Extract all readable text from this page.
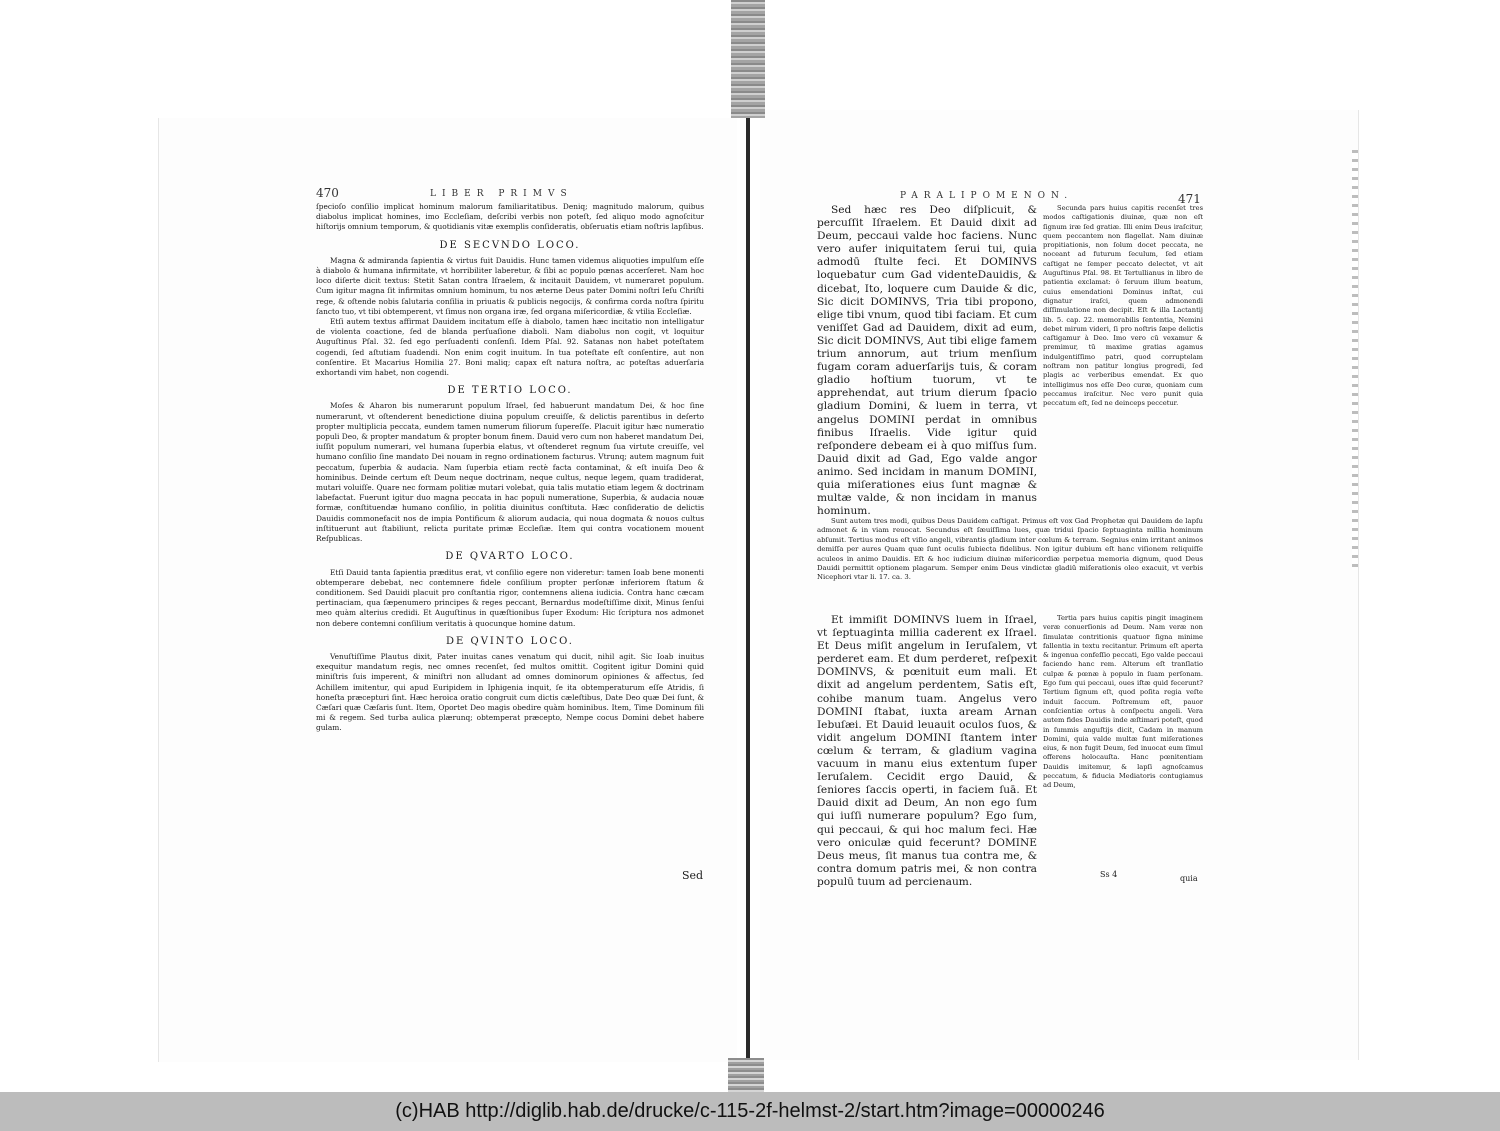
470	LIBER PRIMVS

ſpecioſo conſilio implicat hominum malorum familiaritatibus. Deniq; magnitudo malorum, quibus diabolus implicat homines, imo Eccleſiam, deſcribi verbis non poteſt, ſed aliquo modo agnoſcitur hiſtorijs omnium temporum, & quotidianis vitæ exemplis conſideratis, obſeruatis etiam noſtris lapſibus.

DE SECVNDO LOCO.

Magna & admiranda ſapientia & virtus fuit Dauidis. Hunc tamen videmus aliquoties impulſum eſſe à diabolo & humana infirmitate, vt horribiliter laberetur, & ſibi ac populo pœnas accerſeret. Nam hoc loco diſerte dicit textus: Stetit Satan contra Iſraelem, & incitauit Dauidem, vt numeraret populum. Cum igitur magna ſit infirmitas omnium hominum, tu nos æterne Deus pater Domini noſtri Ieſu Chriſti rege, & oſtende nobis ſalutaria conſilia in priuatis & publicis negocijs, & confirma corda noſtra ſpiritu ſancto tuo, vt tibi obtemperent, vt ſimus non organa iræ, ſed organa miſericordiæ, & vtilia Eccleſiæ.

Etſi autem textus affirmat Dauidem incitatum eſſe à diabolo, tamen hæc incitatio non intelligatur de violenta coactione, ſed de blanda perſuaſione diaboli. Nam diabolus non cogit, vt loquitur Auguſtinus Pſal. 32. ſed ego perſuadenti conſenſi. Idem Pſal. 92. Satanas non habet poteſtatem cogendi, ſed aſtutiam ſuadendi. Non enim cogit inuitum. In tua poteſtate eſt conſentire, aut non conſentire. Et Macarius Homilia 27. Boni maliq; capax eſt natura noſtra, ac poteſtas aduerſaria exhortandi vim habet, non cogendi.

DE TERTIO LOCO.

Moſes & Aharon bis numerarunt populum Iſrael, ſed habuerunt mandatum Dei, & hoc ſine numerarunt, vt oſtenderent benedictione diuina populum creuiſſe, & delictis parentibus in deſerto propter multiplicia peccata, eundem tamen numerum filiorum ſupereſſe. Placuit igitur hæc numeratio populi Deo, & propter mandatum & propter bonum finem. Dauid vero cum non haberet mandatum Dei, iuſſit populum numerari, vel humana ſuperbia elatus, vt oſtenderet regnum ſua virtute creuiſſe, vel humano conſilio ſine mandato Dei nouam in regno ordinationem facturus. Vtrunq; autem magnum fuit peccatum, ſuperbia & audacia. Nam ſuperbia etiam rectè facta contaminat, & eſt inuiſa Deo & hominibus. Deinde certum eſt Deum neque doctrinam, neque cultus, neque legem, quam tradiderat, mutari voluiſſe. Quare nec formam politiæ mutari volebat, quia talis mutatio etiam legem & doctrinam labefactat. Fuerunt igitur duo magna peccata in hac populi numeratione, Superbia, & audacia nouæ formæ, conſtituendæ humano conſilio, in politia diuinitus conſtituta. Hæc conſideratio de delictis Dauidis commonefacit nos de impia Pontificum & aliorum audacia, qui noua dogmata & nouos cultus inſtituerunt aut ſtabiliunt, relicta puritate primæ Eccleſiæ. Item qui contra vocationem mouent Reſpublicas.

DE QVARTO LOCO.

Etſi Dauid tanta ſapientia præditus erat, vt conſilio egere non videretur: tamen Ioab bene monenti obtemperare debebat, nec contemnere fidele conſilium propter perſonæ inferiorem ſtatum & conditionem. Sed Dauidi placuit pro conſtantia rigor, contemnens aliena iudicia. Contra hanc cæcam pertinaciam, qua ſæpenumero principes & reges peccant, Bernardus modeſtiſſime dixit, Minus ſenſui meo quàm alterius credidi. Et Auguſtinus in quæſtionibus ſuper Exodum: Hic ſcriptura nos admonet non debere contemni conſilium veritatis à quocunque homine datum.

DE QVINTO LOCO.

Venuſtiſſime Plautus dixit, Pater inuitas canes venatum qui ducit, nihil agit. Sic Ioab inuitus exequitur mandatum regis, nec omnes recenſet, ſed multos omittit. Cogitent igitur Domini quid miniſtris ſuis imperent, & miniſtri non alludant ad omnes dominorum opiniones & affectus, ſed Achillem imitentur, qui apud Euripidem in Iphigenia inquit, ſe ita obtemperaturum eſſe Atridis, ſi honeſta præcepturi ſint. Hæc heroica oratio congruit cum dictis cæleſtibus, Date Deo quæ Dei ſunt, & Cæſari quæ Cæſaris ſunt. Item, Oportet Deo magis obedire quàm hominibus. Item, Time Dominum fili mi & regem. Sed turba aulica plærunq; obtemperat præcepto, Nempe cocus Domini debet habere gulam.

Sed
PARALIPOMENON.	471

Sed hæc res Deo diſplicuit, & percuſſit Iſraelem. Et Dauid dixit ad Deum, peccaui valde hoc faciens. Nunc vero aufer iniquitatem ſerui tui, quia admodū ſtulte feci. Et DOMINVS loquebatur cum Gad videnteDauidis, & dicebat, Ito, loquere cum Dauide & dic, Sic dicit DOMINVS, Tria tibi propono, elige tibi vnum, quod tibi faciam. Et cum veniſſet Gad ad Dauidem, dixit ad eum, Sic dicit DOMINVS, Aut tibi elige famem trium annorum, aut trium menſium fugam coram aduerſarijs tuis, & coram gladio hoſtium tuorum, vt te apprehendat, aut trium dierum ſpacio gladium Domini, & luem in terra, vt angelus DOMINI perdat in omnibus finibus Iſraelis. Vide igitur quid reſpondere debeam ei à quo miſſus ſum. Dauid dixit ad Gad, Ego valde angor animo. Sed incidam in manum DOMINI, quia miſerationes eius ſunt magnæ & multæ valde, & non incidam in manus hominum.

Secunda pars huius capitis recenſet tres modos caſtigationis diuinæ, quæ non eſt ſignum iræ ſed gratiæ. Illi enim Deus iraſcitur, quem peccantem non flagellat. Nam diuinæ propitiationis, non ſolum docet peccata, ne noceant ad futurum ſeculum, ſed etiam caſtigat ne ſemper peccato delectet, vt ait Auguſtinus Pſal. 98. Et Tertullianus in libro de patientia exclamat: ô ſeruum illum beatum, cuius emendationi Dominus inſtat, cui dignatur iraſci, quem admonendi diſſimulatione non decipit. Eſt & illa Lactantij lib. 5. cap. 22. memorabilis ſententia, Nemini debet mirum videri, ſi pro noſtris ſæpe delictis caſtigamur à Deo. Imo vero cū vexamur & premimur, tū maxime gratias agamus indulgentiſſimo patri, quod corruptelam noſtram non patitur longius progredi, ſed plagis ac verberibus emendat. Ex quo intelligimus nos eſſe Deo curæ, quoniam cum peccamus iraſcitur. Nec vero punit quia peccatum eſt, ſed ne deinceps peccetur.

Sunt autem tres modi, quibus Deus Dauidem caſtigat. Primus eſt vox Gad Prophetæ qui Dauidem de lapſu admonet & in viam reuocat. Secundus eſt ſæuiſſima lues, quæ tridui ſpacio ſeptuaginta millia hominum abſumit. Tertius modus eſt viſio angeli, vibrantis gladium inter cœlum & terram. Segnius enim irritant animos demiſſa per aures Quam quæ ſunt oculis ſubiecta fidelibus. Non igitur dubium eſt hanc viſionem reliquiſſe aculeos in animo Dauidis. Eſt & hoc iudicium diuinæ miſericordiæ perpetua memoria dignum, quod Deus Dauidi permittit optionem plagarum. Semper enim Deus vindictæ gladiū miſerationis oleo exacuit, vt verbis Nicephori vtar li. 17. ca. 3.

Et immiſit DOMINVS luem in Iſrael, vt ſeptuaginta millia caderent ex Iſrael. Et Deus miſit angelum in Ieruſalem, vt perderet eam. Et dum perderet, reſpexit DOMINVS, & pœnituit eum mali. Et dixit ad angelum perdentem, Satis eſt, cohibe manum tuam. Angelus vero DOMINI ſtabat, iuxta aream Arnan Iebuſæi. Et Dauid leuauit oculos ſuos, & vidit angelum DOMINI ſtantem inter cœlum & terram, & gladium vagina vacuum in manu eius extentum ſuper Ieruſalem. Cecidit ergo Dauid, & ſeniores ſaccis operti, in faciem ſuā. Et Dauid dixit ad Deum, An non ego ſum qui iuſſi numerare populum? Ego ſum, qui peccaui, & qui hoc malum feci. Hæ vero oniculæ quid fecerunt? DOMINE Deus meus, ſit manus tua contra me, & contra domum patris mei, & non contra populū tuum ad percienaum.

Tertia pars huius capitis pingit imaginem veræ conuerſionis ad Deum. Nam veræ non ſimulatæ contritionis quatuor ſigna minime fallentia in textu recitantur. Primum eſt aperta & ingenua confeſſio peccati, Ego valde peccaui faciendo hanc rem. Alterum eſt tranſlatio culpæ & pœnæ à populo in ſuam perſonam. Ego ſum qui peccaui, oues iſtæ quid fecerunt? Tertium ſignum eſt, quod poſita regia veſte induit ſaccum. Poſtremum eſt, pauor conſcientiæ ortus à conſpectu angeli. Vera autem fides Dauidis inde æſtimari poteſt, quod in ſummis anguſtijs dicit, Cadam in manum Domini, quia valde multæ ſunt miſerationes eius, & non fugit Deum, ſed inuocat eum ſimul offerens holocauſta. Hanc pœnitentiam Dauidis imitemur, & lapſi agnoſcamus peccatum, & fiducia Mediatoris contugiamus ad Deum,

Ss 4	quia
(c)HAB http://diglib.hab.de/drucke/c-115-2f-helmst-2/start.htm?image=00000246
